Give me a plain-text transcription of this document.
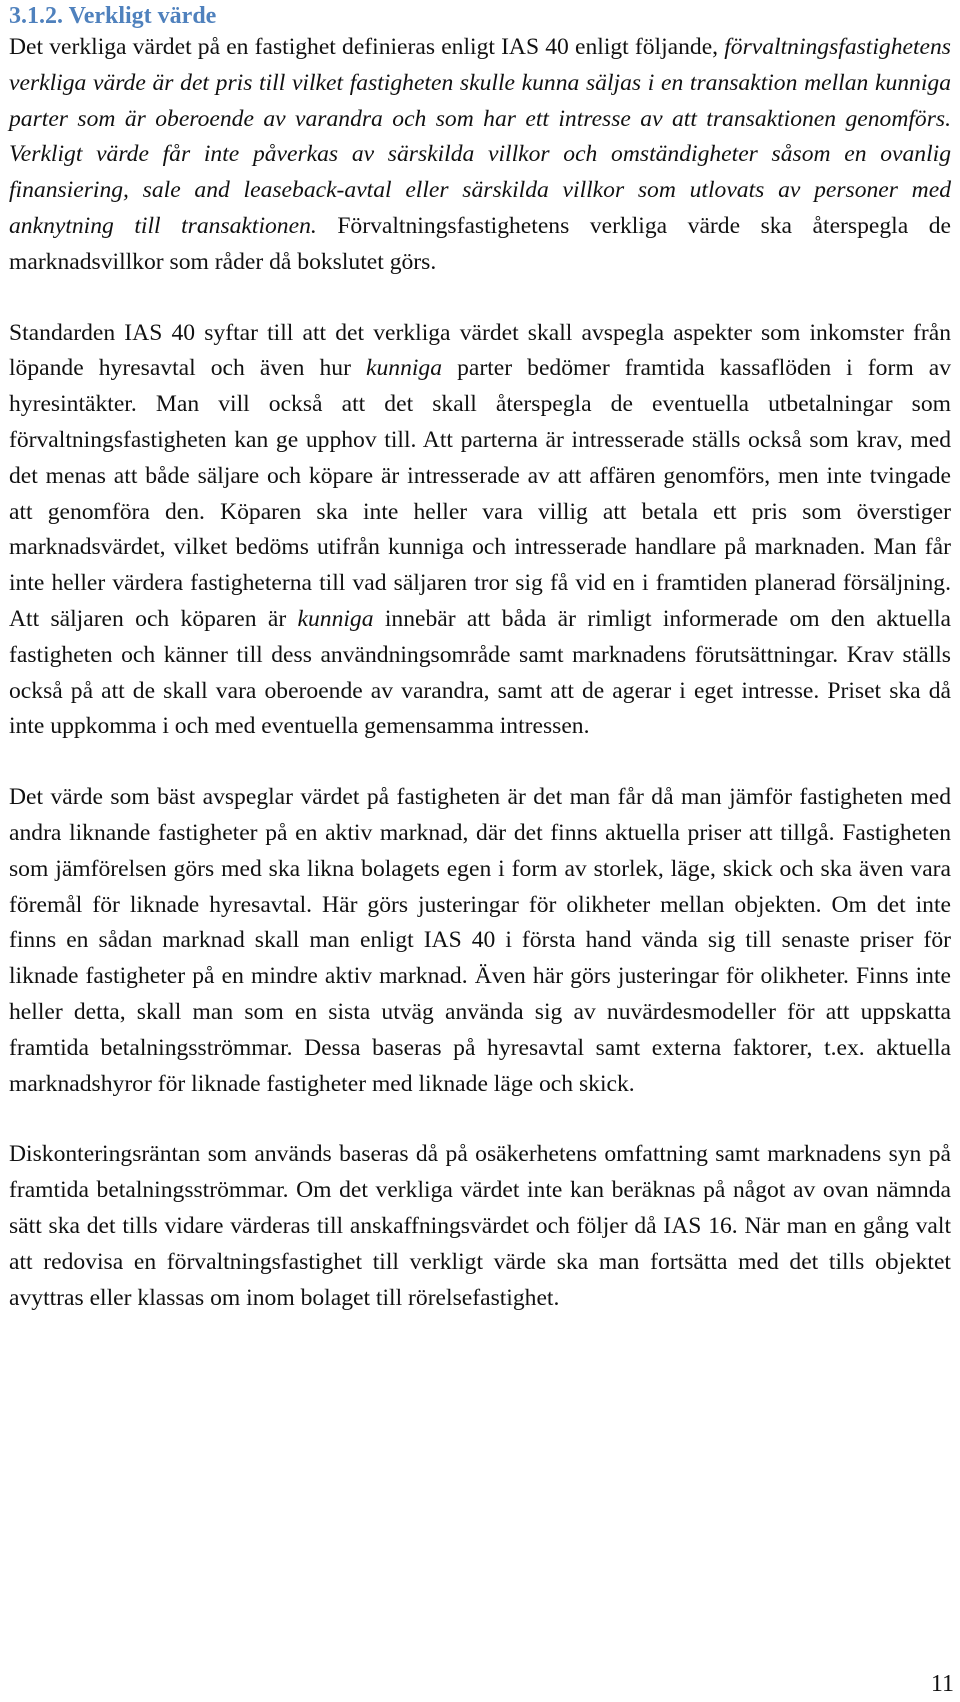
3.1.2. Verkligt värde

Det verkliga värdet på en fastighet definieras enligt IAS 40 enligt följande, förvaltningsfastighetens verkliga värde är det pris till vilket fastigheten skulle kunna säljas i en transaktion mellan kunniga parter som är oberoende av varandra och som har ett intresse av att transaktionen genomförs. Verkligt värde får inte påverkas av särskilda villkor och omständigheter såsom en ovanlig finansiering, sale and leaseback-avtal eller särskilda villkor som utlovats av personer med anknytning till transaktionen. Förvaltningsfastighetens verkliga värde ska återspegla de marknadsvillkor som råder då bokslutet görs.

Standarden IAS 40 syftar till att det verkliga värdet skall avspegla aspekter som inkomster från löpande hyresavtal och även hur kunniga parter bedömer framtida kassaflöden i form av hyresintäkter. Man vill också att det skall återspegla de eventuella utbetalningar som förvaltningsfastigheten kan ge upphov till. Att parterna är intresserade ställs också som krav, med det menas att både säljare och köpare är intresserade av att affären genomförs, men inte tvingade att genomföra den. Köparen ska inte heller vara villig att betala ett pris som överstiger marknadsvärdet, vilket bedöms utifrån kunniga och intresserade handlare på marknaden. Man får inte heller värdera fastigheterna till vad säljaren tror sig få vid en i framtiden planerad försäljning. Att säljaren och köparen är kunniga innebär att båda är rimligt informerade om den aktuella fastigheten och känner till dess användningsområde samt marknadens förutsättningar. Krav ställs också på att de skall vara oberoende av varandra, samt att de agerar i eget intresse. Priset ska då inte uppkomma i och med eventuella gemensamma intressen.

Det värde som bäst avspeglar värdet på fastigheten är det man får då man jämför fastigheten med andra liknande fastigheter på en aktiv marknad, där det finns aktuella priser att tillgå. Fastigheten som jämförelsen görs med ska likna bolagets egen i form av storlek, läge, skick och ska även vara föremål för liknade hyresavtal. Här görs justeringar för olikheter mellan objekten. Om det inte finns en sådan marknad skall man enligt IAS 40 i första hand vända sig till senaste priser för liknade fastigheter på en mindre aktiv marknad. Även här görs justeringar för olikheter. Finns inte heller detta, skall man som en sista utväg använda sig av nuvärdesmodeller för att uppskatta framtida betalningsströmmar. Dessa baseras på hyresavtal samt externa faktorer, t.ex. aktuella marknadshyror för liknade fastigheter med liknade läge och skick.

Diskonteringsräntan som används baseras då på osäkerhetens omfattning samt marknadens syn på framtida betalningsströmmar. Om det verkliga värdet inte kan beräknas på något av ovan nämnda sätt ska det tills vidare värderas till anskaffningsvärdet och följer då IAS 16. När man en gång valt att redovisa en förvaltningsfastighet till verkligt värde ska man fortsätta med det tills objektet avyttras eller klassas om inom bolaget till rörelsefastighet.

11
